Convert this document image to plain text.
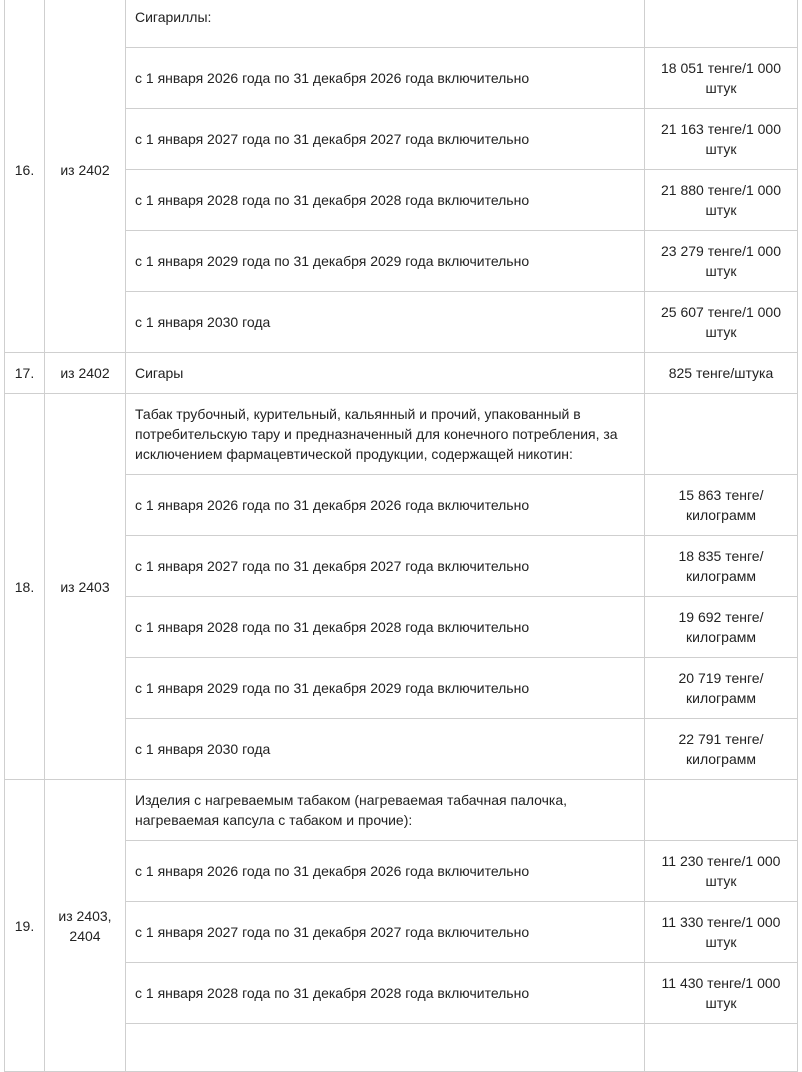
16.	из 2402	Сигариллы:	
		с 1 января 2026 года по 31 декабря 2026 года включительно	18 051 тенге/1 000 штук
		с 1 января 2027 года по 31 декабря 2027 года включительно	21 163 тенге/1 000 штук
		с 1 января 2028 года по 31 декабря 2028 года включительно	21 880 тенге/1 000 штук
		с 1 января 2029 года по 31 декабря 2029 года включительно	23 279 тенге/1 000 штук
		с 1 января 2030 года	25 607 тенге/1 000 штук
17.	из 2402	Сигары	825 тенге/штука
18.	из 2403	Табак трубочный, курительный, кальянный и прочий, упакованный в потребительскую тару и предназначенный для конечного потребления, за исключением фармацевтической продукции, содержащей никотин:	
		с 1 января 2026 года по 31 декабря 2026 года включительно	15 863 тенге/ килограмм
		с 1 января 2027 года по 31 декабря 2027 года включительно	18 835 тенге/ килограмм
		с 1 января 2028 года по 31 декабря 2028 года включительно	19 692 тенге/ килограмм
		с 1 января 2029 года по 31 декабря 2029 года включительно	20 719 тенге/ килограмм
		с 1 января 2030 года	22 791 тенге/ килограмм
19.	из 2403, 2404	Изделия с нагреваемым табаком (нагреваемая табачная палочка, нагреваемая капсула с табаком и прочие):	
		с 1 января 2026 года по 31 декабря 2026 года включительно	11 230 тенге/1 000 штук
		с 1 января 2027 года по 31 декабря 2027 года включительно	11 330 тенге/1 000 штук
		с 1 января 2028 года по 31 декабря 2028 года включительно	11 430 тенге/1 000 штук
